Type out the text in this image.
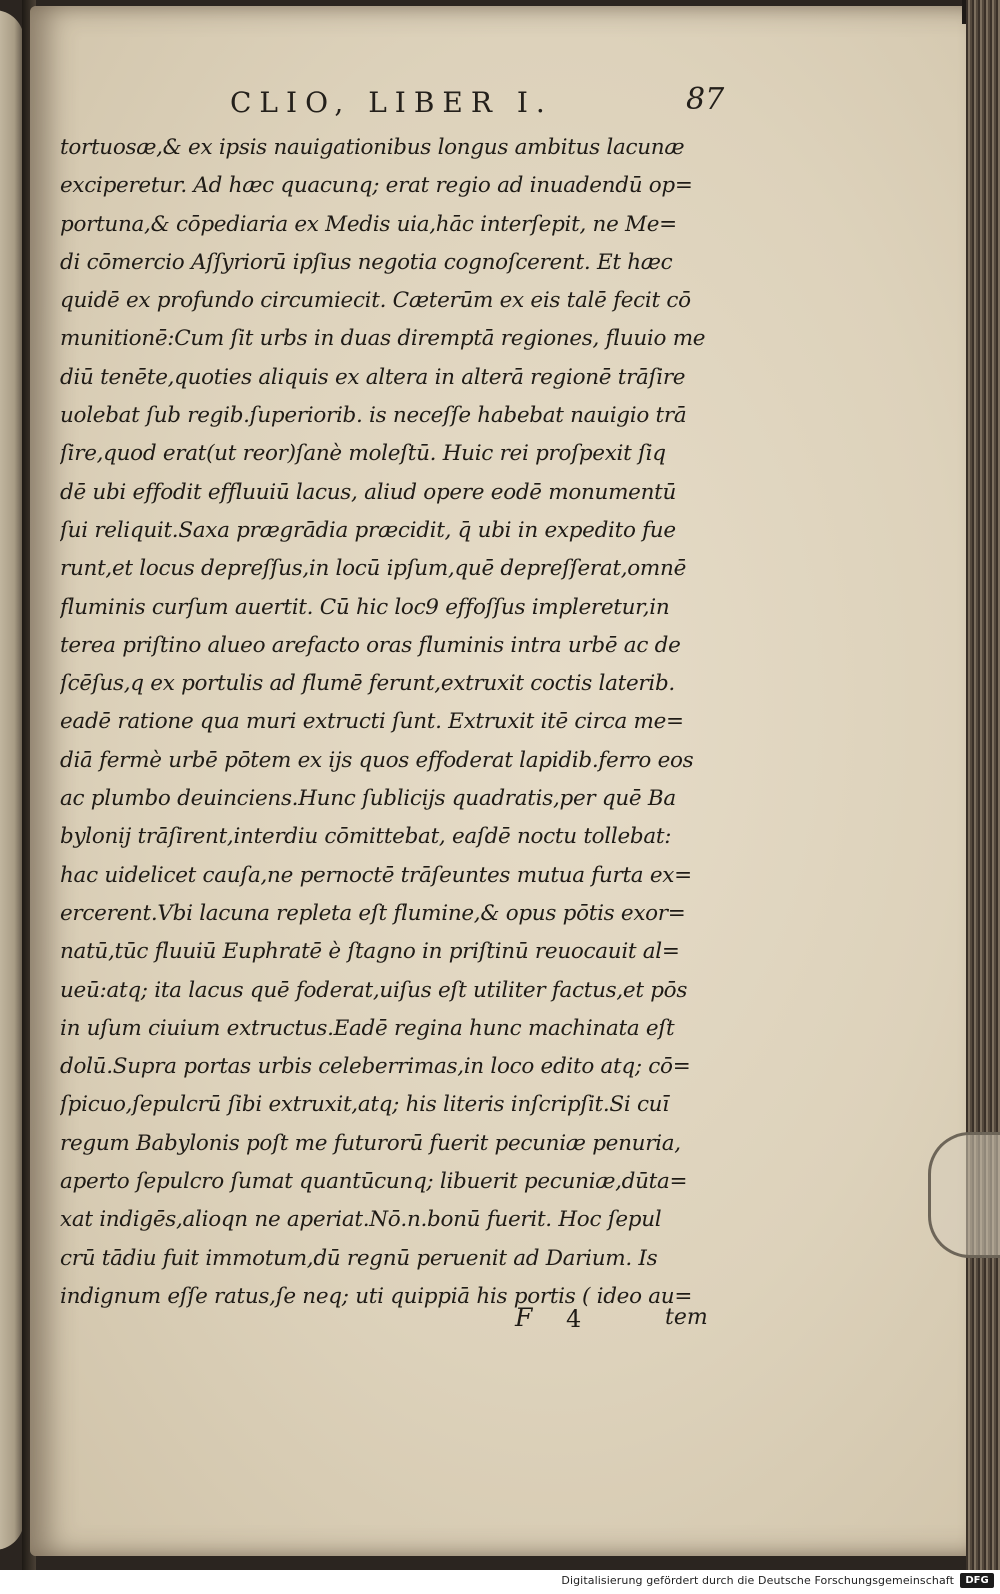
CLIO, LIBER I.	87
tortuosæ,& ex ipsis nauigationibus longus ambitus lacunæ
exciperetur. Ad hæc quacunq; erat regio ad inuadendū op=
portuna,& cōpediaria ex Medis uia,hāc interſepit, ne Me=
di cōmercio Aſſyriorū ipſius negotia cognoſcerent. Et hæc
quidē ex profundo circumiecit. Cæterūm ex eis talē fecit cō
munitionē:Cum ſit urbs in duas diremptā regiones, fluuio me
diū tenēte,quoties aliquis ex altera in alterā regionē trāſire
uolebat ſub regib.ſuperiorib. is neceſſe habebat nauigio trā
ſire,quod erat(ut reor)ſanè moleſtū. Huic rei proſpexit ſiq
dē ubi effodit effluuiū lacus, aliud opere eodē monumentū
ſui reliquit.Saxa prægrādia præcidit, q̄ ubi in expedito fue
runt,et locus depreſſus,in locū ipſum,quē depreſſerat,omnē
fluminis curſum auertit. Cū hic loc9 effoſſus impleretur,in
terea priſtino alueo arefacto oras fluminis intra urbē ac de
ſcēſus,q ex portulis ad flumē ferunt,extruxit coctis laterib.
eadē ratione qua muri extructi ſunt. Extruxit itē circa me=
diā fermè urbē pōtem ex ijs quos effoderat lapidib.ferro eos
ac plumbo deuinciens.Hunc ſublicijs quadratis,per quē Ba
bylonij trāſirent,interdiu cōmittebat, eaſdē noctu tollebat:
hac uidelicet cauſa,ne pernoctē trāſeuntes mutua furta ex=
ercerent.Vbi lacuna repleta eſt flumine,& opus pōtis exor=
natū,tūc fluuiū Euphratē è ſtagno in priſtinū reuocauit al=
ueū:atq; ita lacus quē foderat,uiſus eſt utiliter factus,et pōs
in uſum ciuium extructus.Eadē regina hunc machinata eſt
dolū.Supra portas urbis celeberrimas,in loco edito atq; cō=
ſpicuo,ſepulcrū ſibi extruxit,atq; his literis inſcripſit.Si cuī
regum Babylonis poſt me futurorū fuerit pecuniæ penuria,
aperto ſepulcro ſumat quantūcunq; libuerit pecuniæ,dūta=
xat indigēs,alioqn ne aperiat.Nō.n.bonū fuerit. Hoc ſepul
crū tādiu fuit immotum,dū regnū peruenit ad Darium. Is
indignum eſſe ratus,ſe neq; uti quippiā his portis ( ideo au=
F 4	tem
Digitalisierung gefördert durch die Deutsche Forschungsgemeinschaft	DFG
